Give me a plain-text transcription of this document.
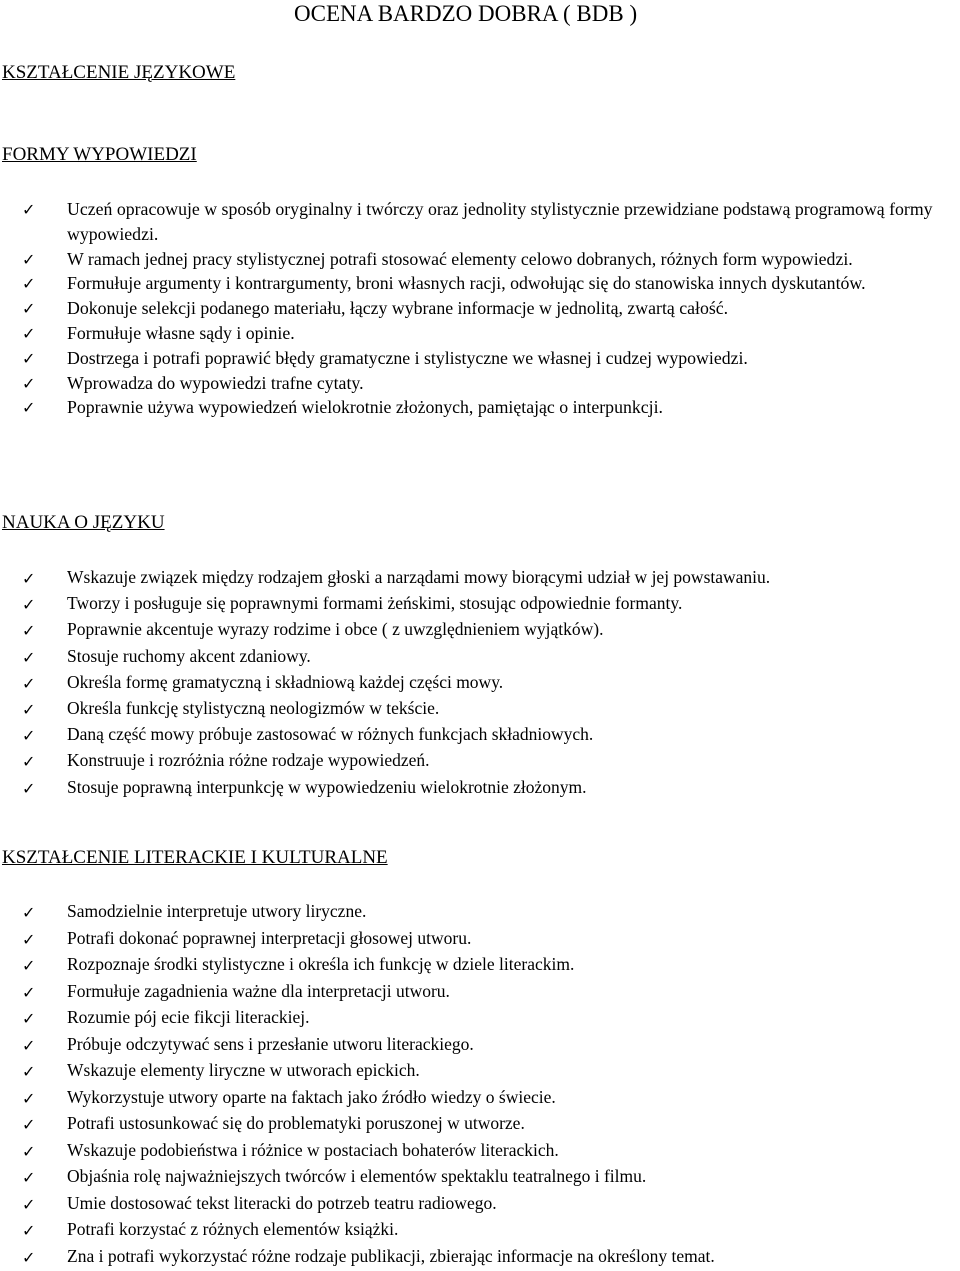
OCENA BARDZO DOBRA ( BDB )
KSZTAŁCENIE JĘZYKOWE
FORMY WYPOWIEDZI
✓ Uczeń opracowuje w sposób oryginalny i twórczy oraz jednolity stylistycznie przewidziane podstawą programową formy wypowiedzi.
✓ W ramach jednej pracy stylistycznej potrafi stosować elementy celowo dobranych, różnych form wypowiedzi.
✓ Formułuje argumenty i kontrargumenty, broni własnych racji, odwołując się do stanowiska innych dyskutantów.
✓ Dokonuje selekcji podanego materiału, łączy wybrane informacje w jednolitą, zwartą całość.
✓ Formułuje własne sądy i opinie.
✓ Dostrzega i potrafi poprawić błędy gramatyczne i stylistyczne we własnej i cudzej wypowiedzi.
✓ Wprowadza do wypowiedzi trafne cytaty.
✓ Poprawnie używa wypowiedzeń wielokrotnie złożonych, pamiętając o interpunkcji.
NAUKA O JĘZYKU
✓ Wskazuje związek między rodzajem głoski a narządami mowy biorącymi udział w jej powstawaniu.
✓ Tworzy i posługuje się poprawnymi formami żeńskimi, stosując odpowiednie formanty.
✓ Poprawnie akcentuje wyrazy rodzime i obce ( z uwzględnieniem wyjątków).
✓ Stosuje ruchomy akcent zdaniowy.
✓ Określa formę gramatyczną i składniową każdej części mowy.
✓ Określa funkcję stylistyczną neologizmów w tekście.
✓ Daną część mowy próbuje zastosować w różnych funkcjach składniowych.
✓ Konstruuje i rozróżnia różne rodzaje wypowiedzeń.
✓ Stosuje poprawną interpunkcję w wypowiedzeniu wielokrotnie złożonym.
KSZTAŁCENIE LITERACKIE I KULTURALNE
✓ Samodzielnie interpretuje utwory liryczne.
✓ Potrafi dokonać poprawnej interpretacji głosowej utworu.
✓ Rozpoznaje środki stylistyczne i określa ich funkcję w dziele literackim.
✓ Formułuje zagadnienia ważne dla interpretacji utworu.
✓ Rozumie pój ecie fikcji literackiej.
✓ Próbuje odczytywać sens i przesłanie utworu literackiego.
✓ Wskazuje elementy liryczne w utworach epickich.
✓ Wykorzystuje utwory oparte na faktach jako źródło wiedzy o świecie.
✓ Potrafi ustosunkować się do problematyki poruszonej w utworze.
✓ Wskazuje podobieństwa i różnice w postaciach bohaterów literackich.
✓ Objaśnia rolę najważniejszych twórców i elementów spektaklu teatralnego i filmu.
✓ Umie dostosować tekst literacki do potrzeb teatru radiowego.
✓ Potrafi korzystać z różnych elementów książki.
✓ Zna i potrafi wykorzystać różne rodzaje publikacji, zbierając informacje na określony temat.
